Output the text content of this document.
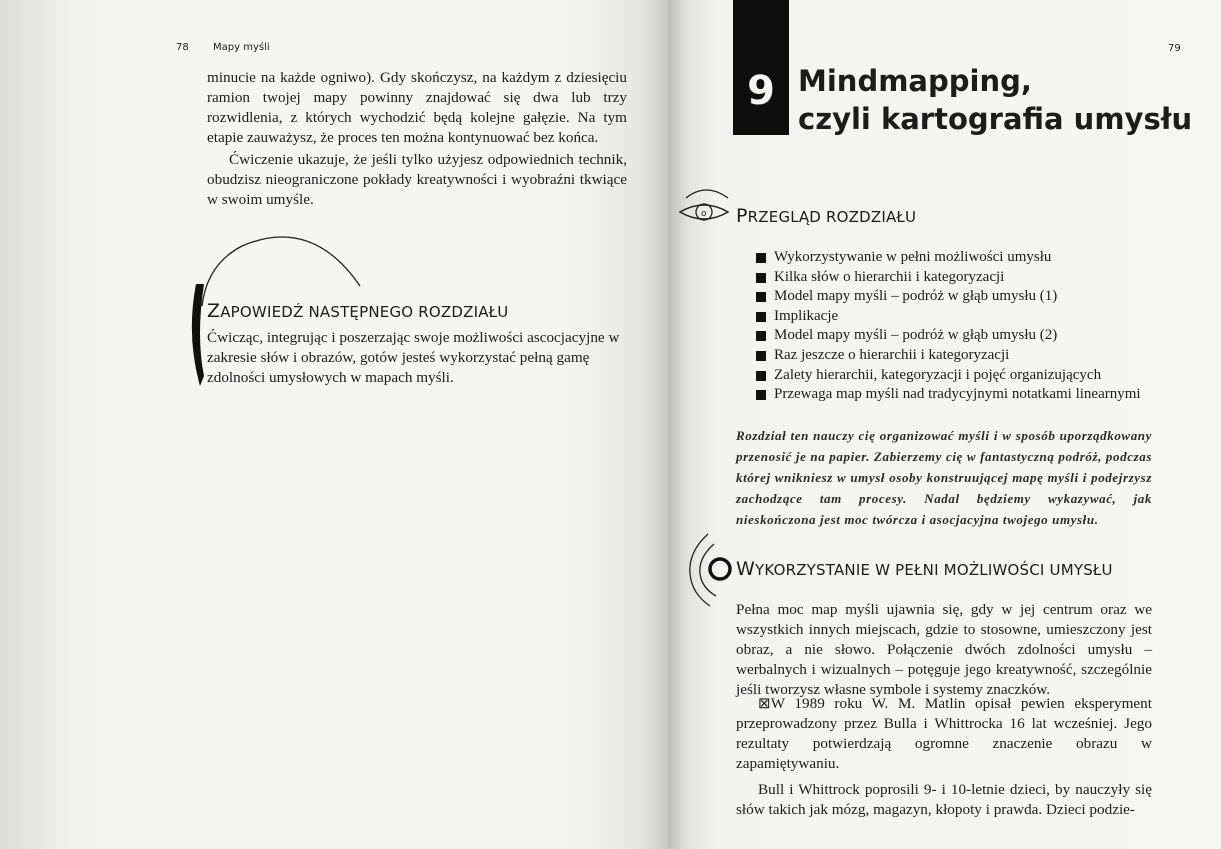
78 Mapy myśli

minucie na każde ogniwo). Gdy skończysz, na każdym z dziesięciu ramion twojej mapy powinny znajdować się dwa lub trzy rozwidlenia, z których wychodzić będą kolejne gałęzie. Na tym etapie zauważysz, że proces ten można kontynuować bez końca.

Ćwiczenie ukazuje, że jeśli tylko użyjesz odpowiednich technik, obudzisz nieograniczone pokłady kreatywności i wyobraźni tkwiące w swoim umyśle.

ZAPOWIEDŹ NASTĘPNEGO ROZDZIAŁU

Ćwicząc, integrując i poszerzając swoje możliwości ascocjacyjne w zakresie słów i obrazów, gotów jesteś wykorzystać pełną gamę zdolności umysłowych w mapach myśli.

79
9 Mindmapping,
czyli kartografia umysłu
o PRZEGLĄD ROZDZIAŁU
Wykorzystywanie w pełni możliwości umysłu
Kilka słów o hierarchii i kategoryzacji
Model mapy myśli – podróż w głąb umysłu (1)
Implikacje
Model mapy myśli – podróż w głąb umysłu (2)
Raz jeszcze o hierarchii i kategoryzacji
Zalety hierarchii, kategoryzacji i pojęć organizujących
Przewaga map myśli nad tradycyjnymi notatkami linearnymi

Rozdział ten nauczy cię organizować myśli i w sposób uporządkowany przenosić je na papier. Zabierzemy cię w fantastyczną podróż, podczas której wnikniesz w umysł osoby konstruującej mapę myśli i podejrzysz zachodzące tam procesy. Nadal będziemy wykazywać, jak nieskończona jest moc twórcza i asocjacyjna twojego umysłu.

WYKORZYSTANIE W PEŁNI MOŻLIWOŚCI UMYSŁU

Pełna moc map myśli ujawnia się, gdy w jej centrum oraz we wszystkich innych miejscach, gdzie to stosowne, umieszczony jest obraz, a nie słowo. Połączenie dwóch zdolności umysłu – werbalnych i wizualnych – potęguje jego kreatywność, szczególnie jeśli tworzysz własne symbole i systemy znaczków.

⊠W 1989 roku W. M. Matlin opisał pewien eksperyment przeprowadzony przez Bulla i Whittrocka 16 lat wcześniej. Jego rezultaty potwierdzają ogromne znaczenie obrazu w zapamiętywaniu.

Bull i Whittrock poprosili 9- i 10-letnie dzieci, by nauczyły się słów takich jak mózg, magazyn, kłopoty i prawda. Dzieci podzie-
